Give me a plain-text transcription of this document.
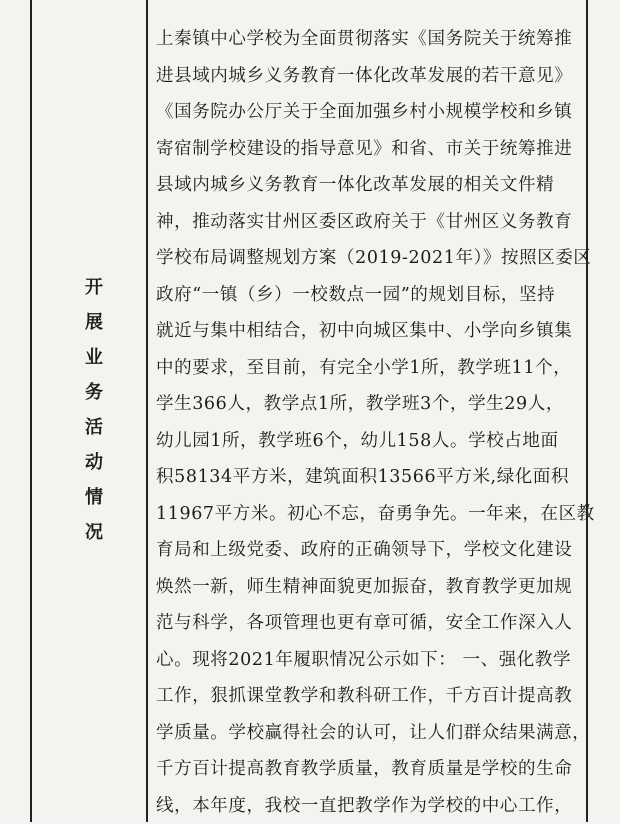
开
展
业
务
活
动
情
况
上秦镇中心学校为全面贯彻落实《国务院关于统筹推
进县域内城乡义务教育一体化改革发展的若干意见》
《国务院办公厅关于全面加强乡村小规模学校和乡镇
寄宿制学校建设的指导意见》和省、市关于统筹推进
县域内城乡义务教育一体化改革发展的相关文件精
神，推动落实甘州区委区政府关于《甘州区义务教育
学校布局调整规划方案（2019-2021年）》按照区委区
政府“一镇（乡）一校数点一园”的规划目标，坚持
就近与集中相结合，初中向城区集中、小学向乡镇集
中的要求，至目前，有完全小学1所，教学班11个，
学生366人，教学点1所，教学班3个，学生29人，
幼儿园1所，教学班6个，幼儿158人。学校占地面
积58134平方米，建筑面积13566平方米,绿化面积
11967平方米。初心不忘，奋勇争先。一年来，在区教
育局和上级党委、政府的正确领导下，学校文化建设
焕然一新，师生精神面貌更加振奋，教育教学更加规
范与科学，各项管理也更有章可循，安全工作深入人
心。现将2021年履职情况公示如下： 一、强化教学
工作，狠抓课堂教学和教科研工作，千方百计提高教
学质量。学校赢得社会的认可，让人们群众结果满意，
千方百计提高教育教学质量，教育质量是学校的生命
线，本年度，我校一直把教学作为学校的中心工作，
